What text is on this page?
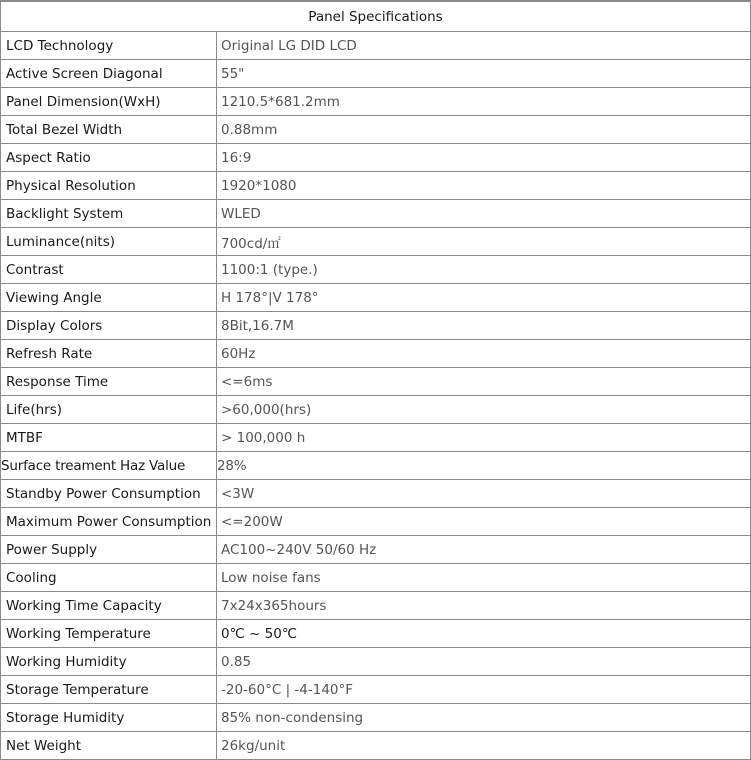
Panel Specifications	
LCD Technology	Original LG DID LCD
Active Screen Diagonal	55"
Panel Dimension(WxH)	1210.5*681.2mm
Total Bezel Width	0.88mm
Aspect Ratio	16:9
Physical Resolution	1920*1080
Backlight System	WLED
Luminance(nits)	700cd/㎡
Contrast	1100:1 (type.)
Viewing Angle	H 178°|V 178°
Display Colors	8Bit,16.7M
Refresh Rate	60Hz
Response Time	<=6ms
Life(hrs)	>60,000(hrs)
MTBF	> 100,000 h
Surface treament Haz Value	28%
Standby Power Consumption	<3W
Maximum Power Consumption	<=200W
Power Supply	AC100~240V 50/60 Hz
Cooling	Low noise fans
Working Time Capacity	7x24x365hours
Working Temperature	0℃ ~ 50℃
Working Humidity	0.85
Storage Temperature	-20-60°C | -4-140°F
Storage Humidity	85% non-condensing
Net Weight	26kg/unit
